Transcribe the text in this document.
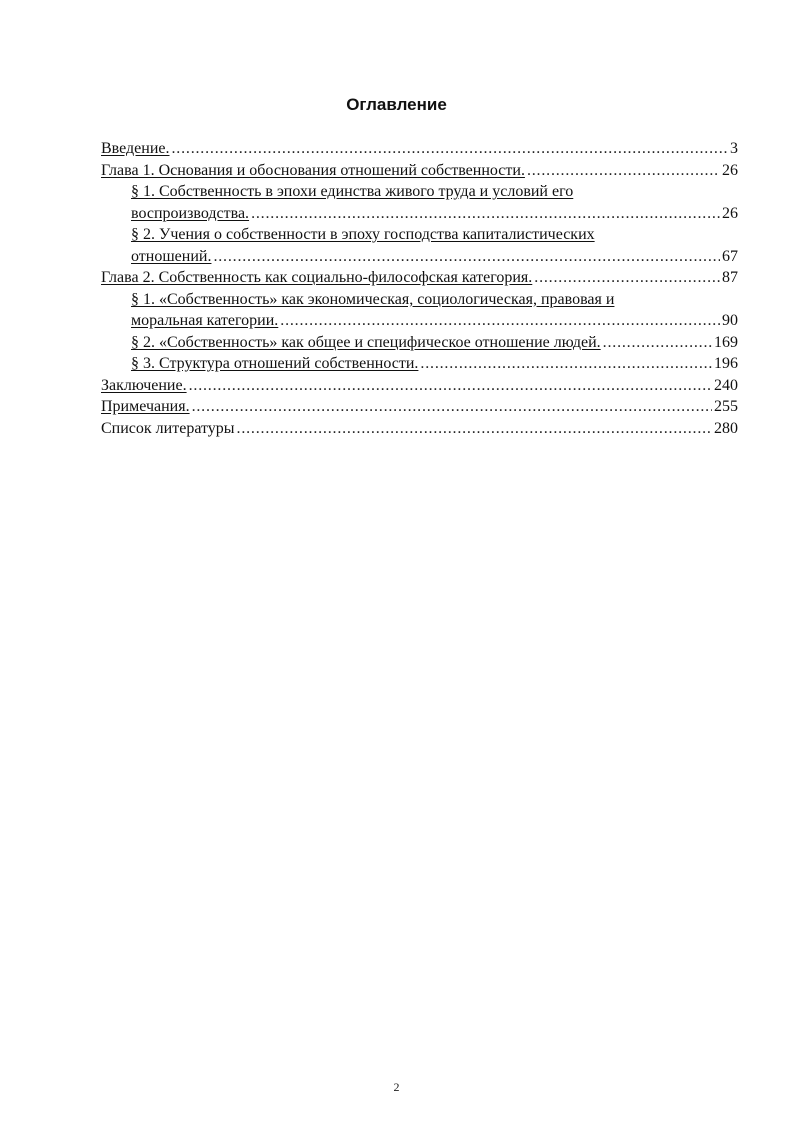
Оглавление
Введение. . . .	3
Глава 1. Основания и обоснования отношений собственности. . . .	26
§ 1. Собственность в эпохи единства живого труда и условий его
воспроизводства. . . .	26
§ 2. Учения о собственности в эпоху господства капиталистических
отношений. . . .	67
Глава 2. Собственность как социально-философская категория. . . .	87
§ 1. «Собственность» как экономическая, социологическая, правовая и
моральная категории. . . .	90
§ 2. «Собственность» как общее и специфическое отношение людей. . . .	169
§ 3. Структура отношений собственности. . . .	196
Заключение. . . .	240
Примечания. . . .	255
Список литературы . . .	280
2
